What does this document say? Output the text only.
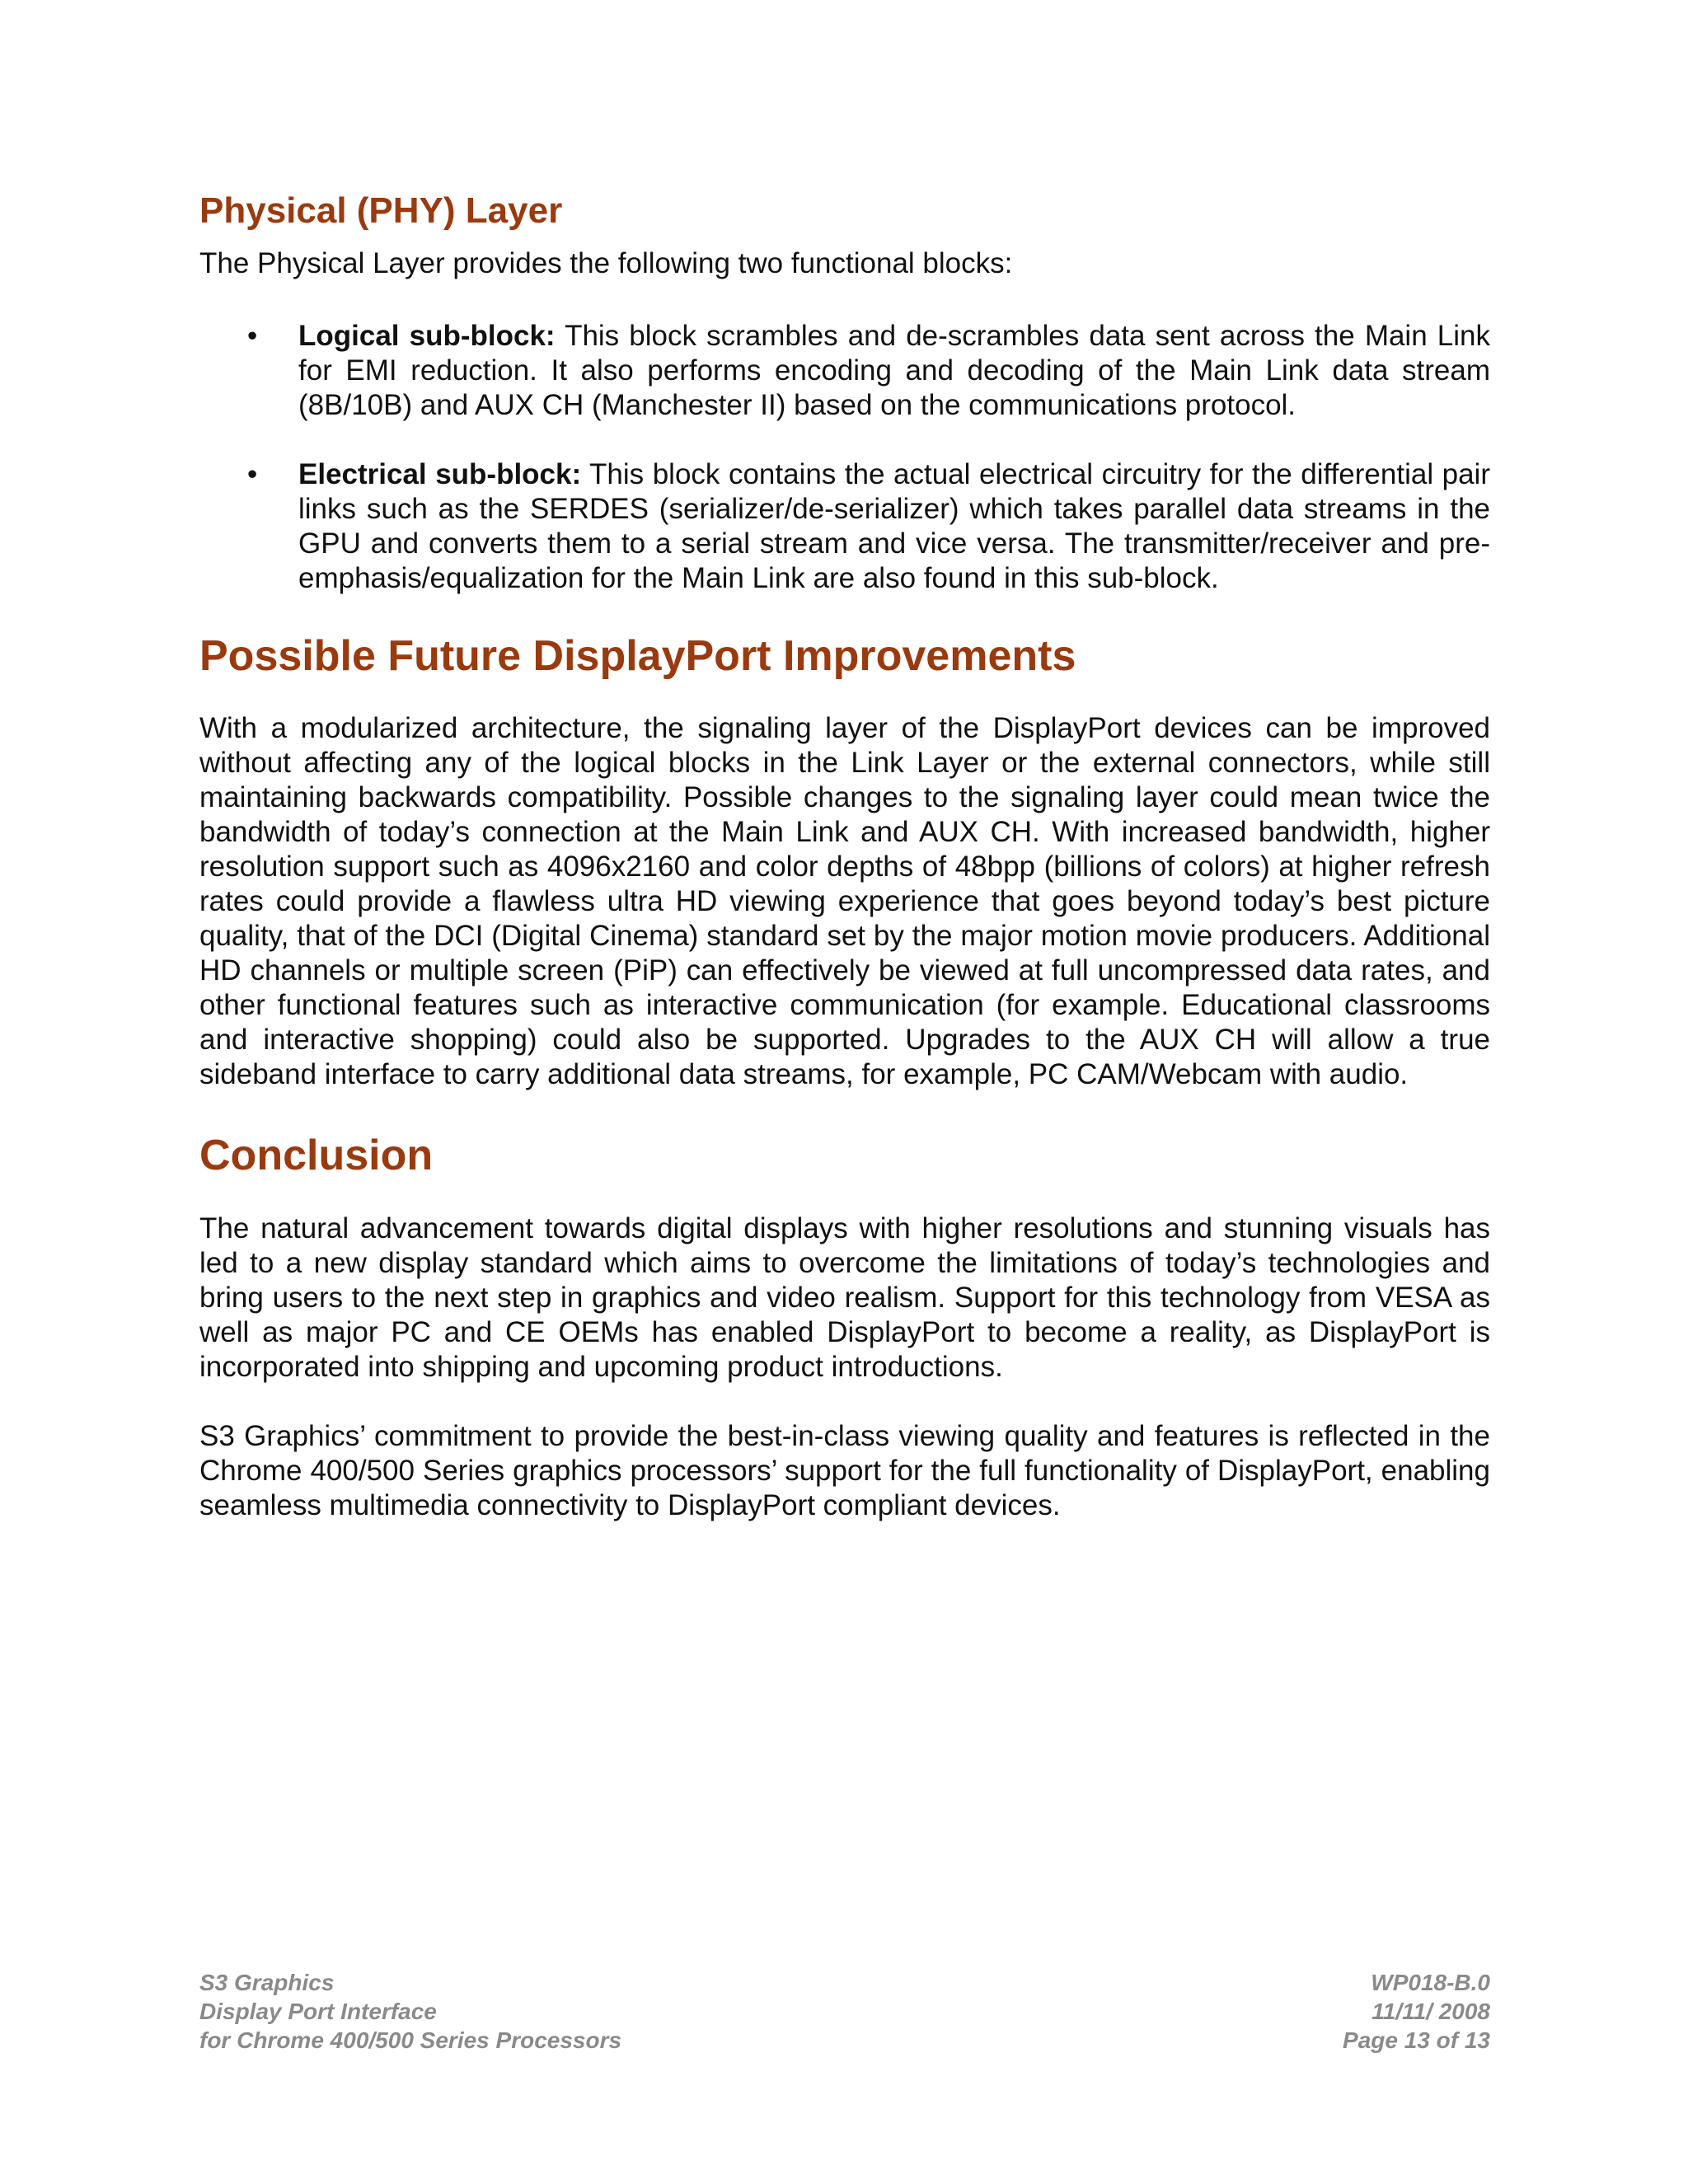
Physical (PHY) Layer

The Physical Layer provides the following two functional blocks:

• Logical sub-block: This block scrambles and de-scrambles data sent across the Main Link for EMI reduction. It also performs encoding and decoding of the Main Link data stream (8B/10B) and AUX CH (Manchester II) based on the communications protocol.
• Electrical sub-block: This block contains the actual electrical circuitry for the differential pair links such as the SERDES (serializer/de-serializer) which takes parallel data streams in the GPU and converts them to a serial stream and vice versa. The transmitter/receiver and pre-emphasis/equalization for the Main Link are also found in this sub-block.
Possible Future DisplayPort Improvements

With a modularized architecture, the signaling layer of the DisplayPort devices can be improved without affecting any of the logical blocks in the Link Layer or the external connectors, while still maintaining backwards compatibility. Possible changes to the signaling layer could mean twice the bandwidth of today’s connection at the Main Link and AUX CH. With increased bandwidth, higher resolution support such as 4096x2160 and color depths of 48bpp (billions of colors) at higher refresh rates could provide a flawless ultra HD viewing experience that goes beyond today’s best picture quality, that of the DCI (Digital Cinema) standard set by the major motion movie producers. Additional HD channels or multiple screen (PiP) can effectively be viewed at full uncompressed data rates, and other functional features such as interactive communication (for example. Educational classrooms and interactive shopping) could also be supported. Upgrades to the AUX CH will allow a true sideband interface to carry additional data streams, for example, PC CAM/Webcam with audio.

Conclusion

The natural advancement towards digital displays with higher resolutions and stunning visuals has led to a new display standard which aims to overcome the limitations of today’s technologies and bring users to the next step in graphics and video realism. Support for this technology from VESA as well as major PC and CE OEMs has enabled DisplayPort to become a reality, as DisplayPort is incorporated into shipping and upcoming product introductions.

S3 Graphics’ commitment to provide the best-in-class viewing quality and features is reflected in the Chrome 400/500 Series graphics processors’ support for the full functionality of DisplayPort, enabling seamless multimedia connectivity to DisplayPort compliant devices.

S3 Graphics
Display Port Interface
for Chrome 400/500 Series Processors
WP018-B.0
11/11/ 2008
Page 13 of 13
